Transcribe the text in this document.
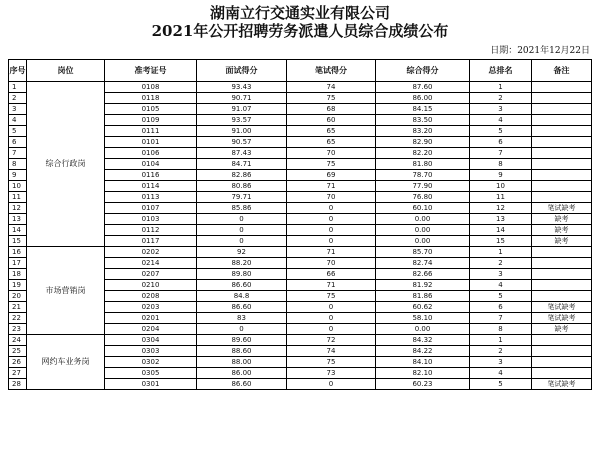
湖南立行交通实业有限公司
2021年公开招聘劳务派遣人员综合成绩公布
日期：2021年12月22日
序号	岗位	准考证号	面试得分	笔试得分	综合得分	总排名	备注
1	综合行政岗	0108	93.43	74	87.60	1	
2		0118	90.71	75	86.00	2	
3		0105	91.07	68	84.15	3	
4		0109	93.57	60	83.50	4	
5		0111	91.00	65	83.20	5	
6		0101	90.57	65	82.90	6	
7		0106	87.43	70	82.20	7	
8		0104	84.71	75	81.80	8	
9		0116	82.86	69	78.70	9	
10		0114	80.86	71	77.90	10	
11		0113	79.71	70	76.80	11	
12		0107	85.86	0	60.10	12	笔试缺考
13		0103	0	0	0.00	13	缺考
14		0112	0	0	0.00	14	缺考
15		0117	0	0	0.00	15	缺考
16	市场营销岗	0202	92	71	85.70	1	
17		0214	88.20	70	82.74	2	
18		0207	89.80	66	82.66	3	
19		0210	86.60	71	81.92	4	
20		0208	84.8	75	81.86	5	
21		0203	86.60	0	60.62	6	笔试缺考
22		0201	83	0	58.10	7	笔试缺考
23		0204	0	0	0.00	8	缺考
24	网约车业务岗	0304	89.60	72	84.32	1	
25		0303	88.60	74	84.22	2	
26		0302	88.00	75	84.10	3	
27		0305	86.00	73	82.10	4	
28		0301	86.60	0	60.23	5	笔试缺考
